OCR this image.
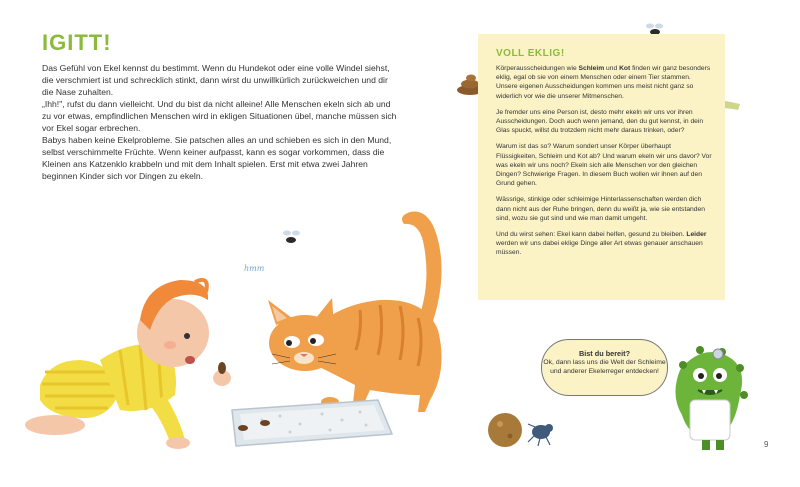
IGITT!

Das Gefühl von Ekel kennst du bestimmt. Wenn du Hundekot oder eine volle Windel siehst, die verschmiert ist und schrecklich stinkt, dann wirst du unwillkürlich zurückweichen und dir die Nase zuhalten.

„Ihh!", rufst du dann vielleicht. Und du bist da nicht alleine! Alle Menschen ekeln sich ab und zu vor etwas, empfindlichen Menschen wird in ekligen Situationen übel, manche müssen sich vor Ekel sogar erbrechen.

Babys haben keine Ekelprobleme. Sie patschen alles an und schieben es sich in den Mund, selbst verschimmelte Früchte. Wenn keiner aufpasst, kann es sogar vorkommen, dass die Kleinen ans Katzenklo krabbeln und mit dem Inhalt spielen. Erst mit etwa zwei Jahren beginnen Kinder sich vor Dingen zu ekeln.

hmm
VOLL EKLIG!

Körperausscheidungen wie Schleim und Kot finden wir ganz besonders eklig, egal ob sie von einem Menschen oder einem Tier stammen. Unsere eigenen Ausscheidungen kommen uns meist nicht ganz so widerlich vor wie die unserer Mitmenschen.

Je fremder uns eine Person ist, desto mehr ekeln wir uns vor ihren Ausscheidungen. Doch auch wenn jemand, den du gut kennst, in dein Glas spuckt, willst du trotzdem nicht mehr daraus trinken, oder?

Warum ist das so? Warum sondert unser Körper überhaupt Flüssigkeiten, Schleim und Kot ab? Und warum ekeln wir uns davor? Vor was ekeln wir uns noch? Ekeln sich alle Menschen vor den gleichen Dingen? Schwierige Fragen. In diesem Buch wollen wir ihnen auf den Grund gehen.

Wässrige, stinkige oder schleimige Hinterlassenschaften werden dich dann nicht aus der Ruhe bringen, denn du weißt ja, wie sie entstanden sind, wozu sie gut sind und wie man damit umgeht.

Und du wirst sehen: Ekel kann dabei helfen, gesund zu bleiben. Leider werden wir uns dabei eklige Dinge aller Art etwas genauer anschauen müssen.

Bist du bereit?
Ok, dann lass uns die Welt der Schleime und anderer Ekelerreger entdecken!
9
